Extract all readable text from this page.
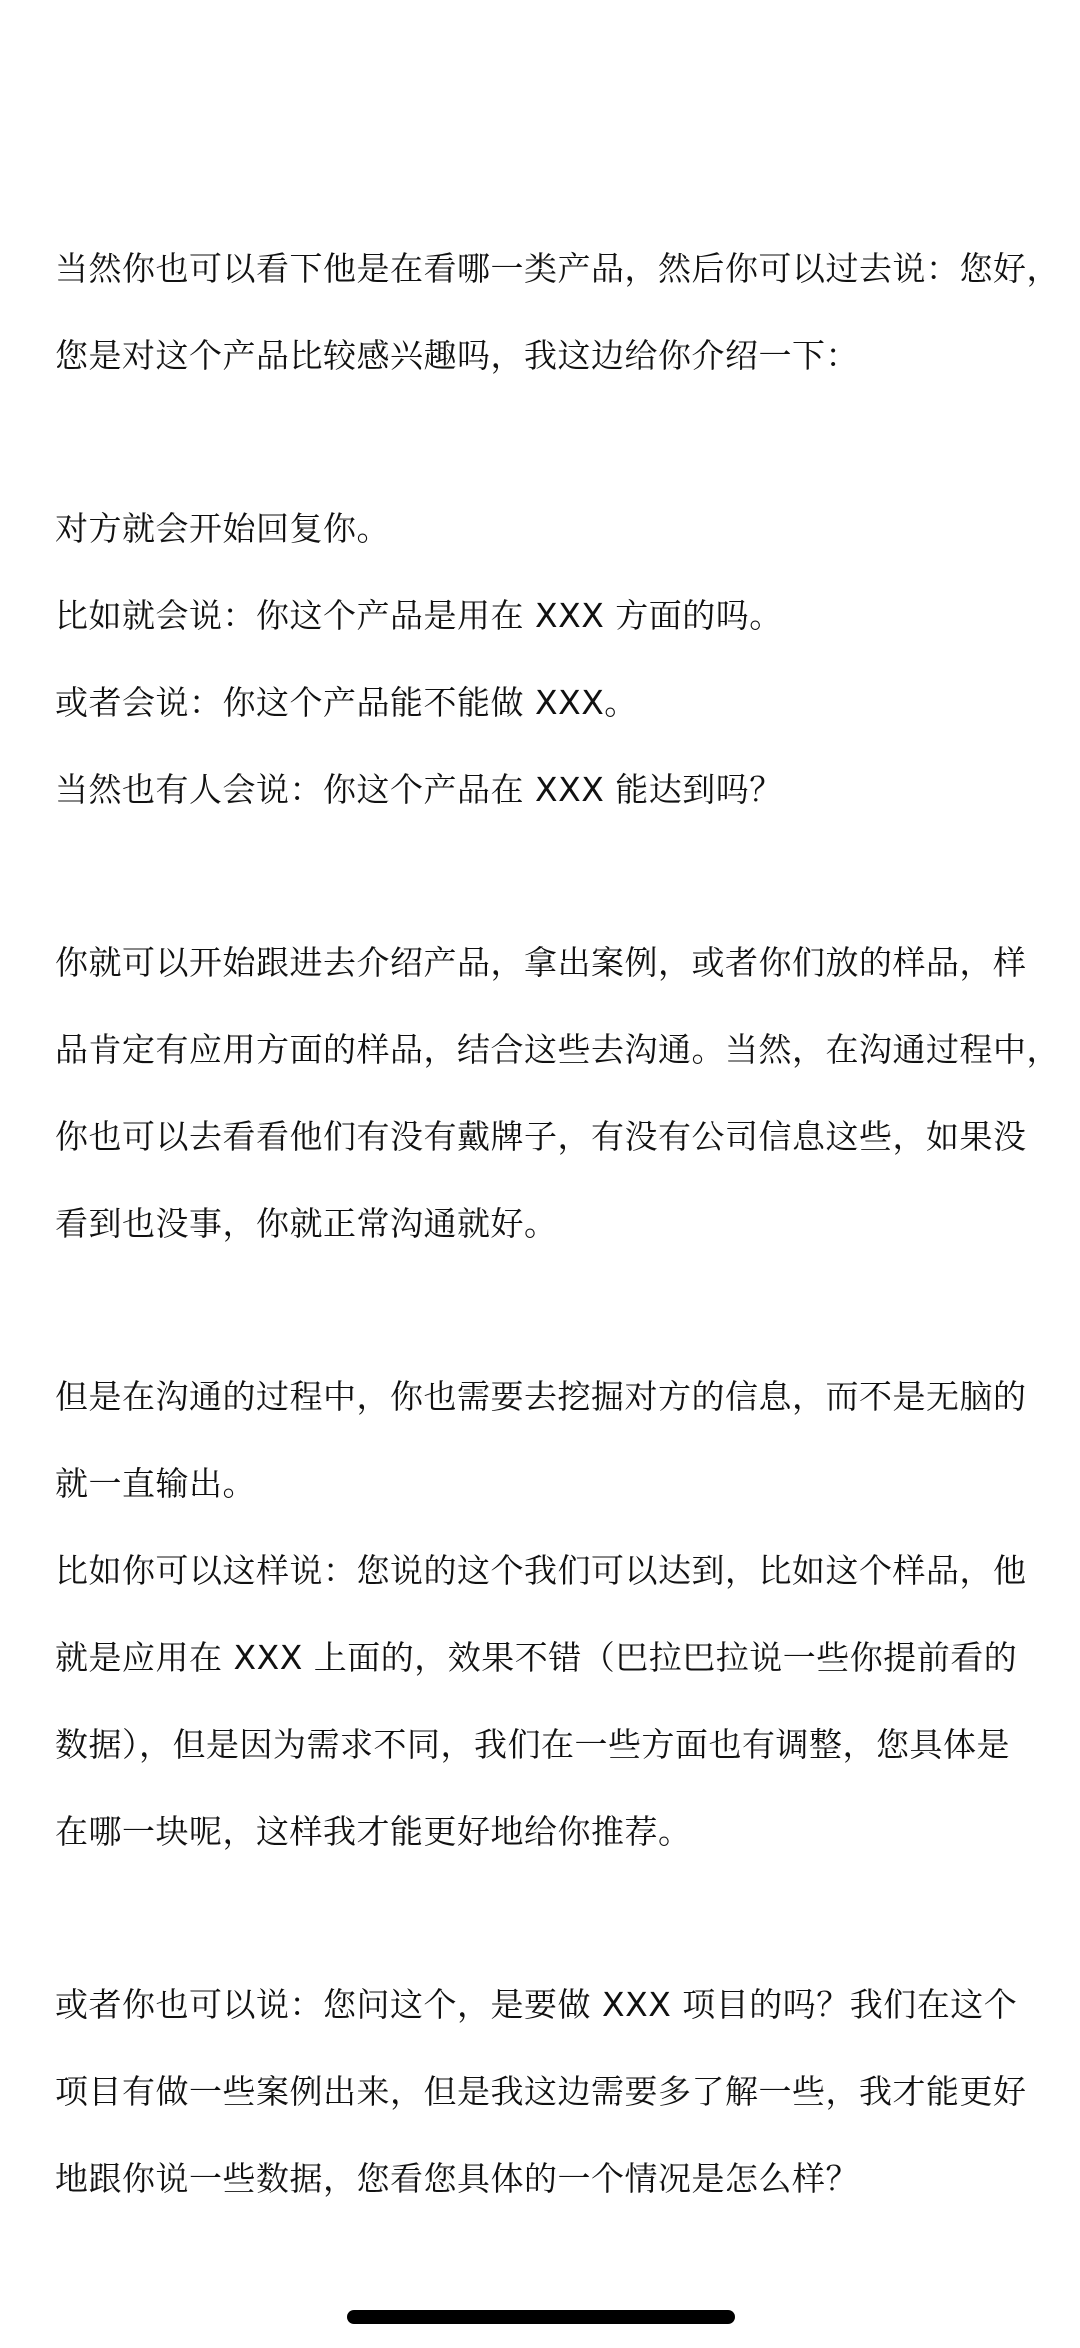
当然你也可以看下他是在看哪一类产品，然后你可以过去说：您好，
您是对这个产品比较感兴趣吗，我这边给你介绍一下：
对方就会开始回复你。
比如就会说：你这个产品是用在 XXX 方面的吗。
或者会说：你这个产品能不能做 XXX。
当然也有人会说：你这个产品在 XXX 能达到吗？
你就可以开始跟进去介绍产品，拿出案例，或者你们放的样品，样
品肯定有应用方面的样品，结合这些去沟通。当然，在沟通过程中，
你也可以去看看他们有没有戴牌子，有没有公司信息这些，如果没
看到也没事，你就正常沟通就好。
但是在沟通的过程中，你也需要去挖掘对方的信息，而不是无脑的
就一直输出。
比如你可以这样说：您说的这个我们可以达到，比如这个样品，他
就是应用在 XXX 上面的，效果不错（巴拉巴拉说一些你提前看的
数据），但是因为需求不同，我们在一些方面也有调整，您具体是
在哪一块呢，这样我才能更好地给你推荐。
或者你也可以说：您问这个，是要做 XXX 项目的吗？我们在这个
项目有做一些案例出来，但是我这边需要多了解一些，我才能更好
地跟你说一些数据，您看您具体的一个情况是怎么样？
